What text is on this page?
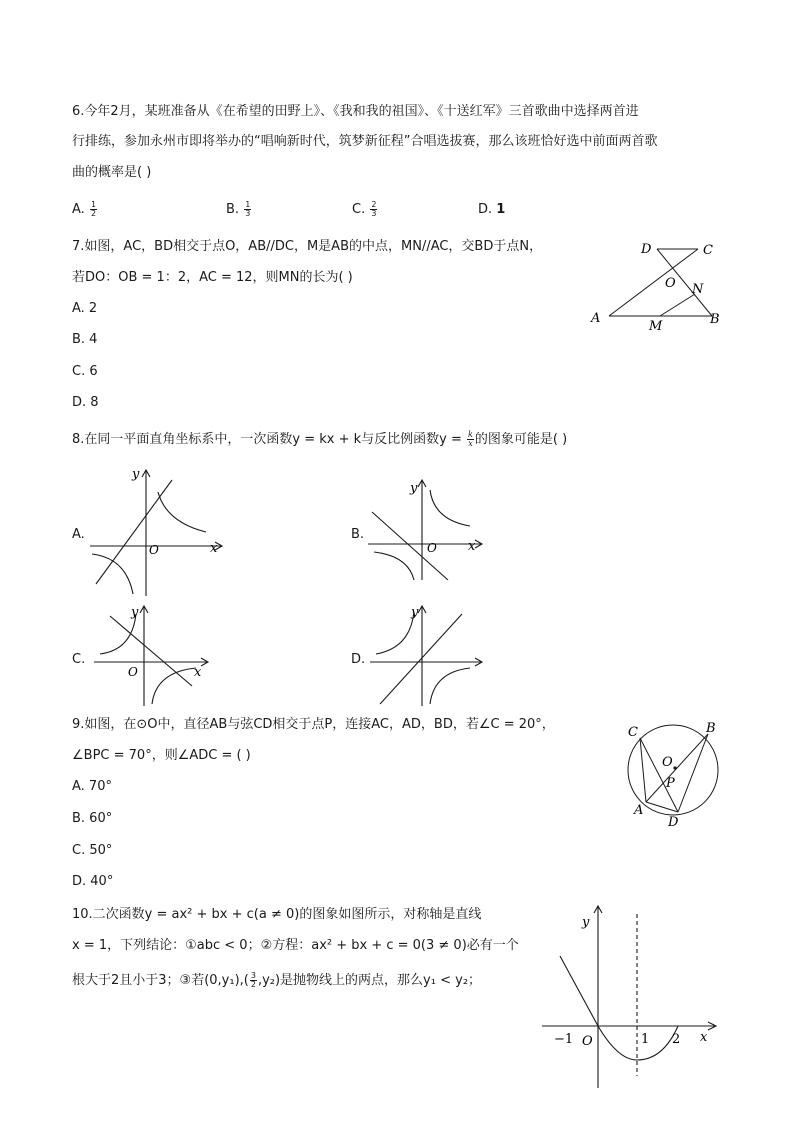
6.今年2月，某班准备从《在希望的田野上》、《我和我的祖国》、《十送红军》三首歌曲中选择两首进
行排练，参加永州市即将举办的“唱响新时代，筑梦新征程”合唱选拔赛，那么该班恰好选中前面两首歌
曲的概率是( )
A. $\frac{1}{2}$	B. $\frac{1}{3}$	C. $\frac{2}{3}$	D. 1
7.如图，AC，BD相交于点O，AB//DC，M是AB的中点，MN//AC，交BD于点N，
若DO：OB = 1：2，AC = 12，则MN的长为( )
A. 2
B. 4
C. 6
D. 8
D	C
O N
A
M	B
8.在同一平面直角坐标系中，一次函数y = kx + k与反比例函数$y = \frac{k}{x}$ 的图象可能是( )
A.
y
x
O
B.
y
x
O
C.
y
x
O
D.
y
9.如图，在⊙O中，直径AB与弦CD相交于点P，连接AC，AD，BD，若∠C = 20°，
∠BPC = 70°，则∠ADC = ( )
A. 70°
B. 60°
C. 50°
D. 40°
C	B
O
P
A
D
10.二次函数y = ax² + bx + c(a ≠ 0)的图象如图所示，对称轴是直线
x = 1，下列结论：①abc < 0；②方程：ax² + bx + c = 0(3 ≠ 0)必有一个
根大于2且小于3；③若$(0,y_1),( \frac{3}{2} ,y_2)$是抛物线上的两点，那么y₁ < y₂；
y
x
−1 O	1 2
